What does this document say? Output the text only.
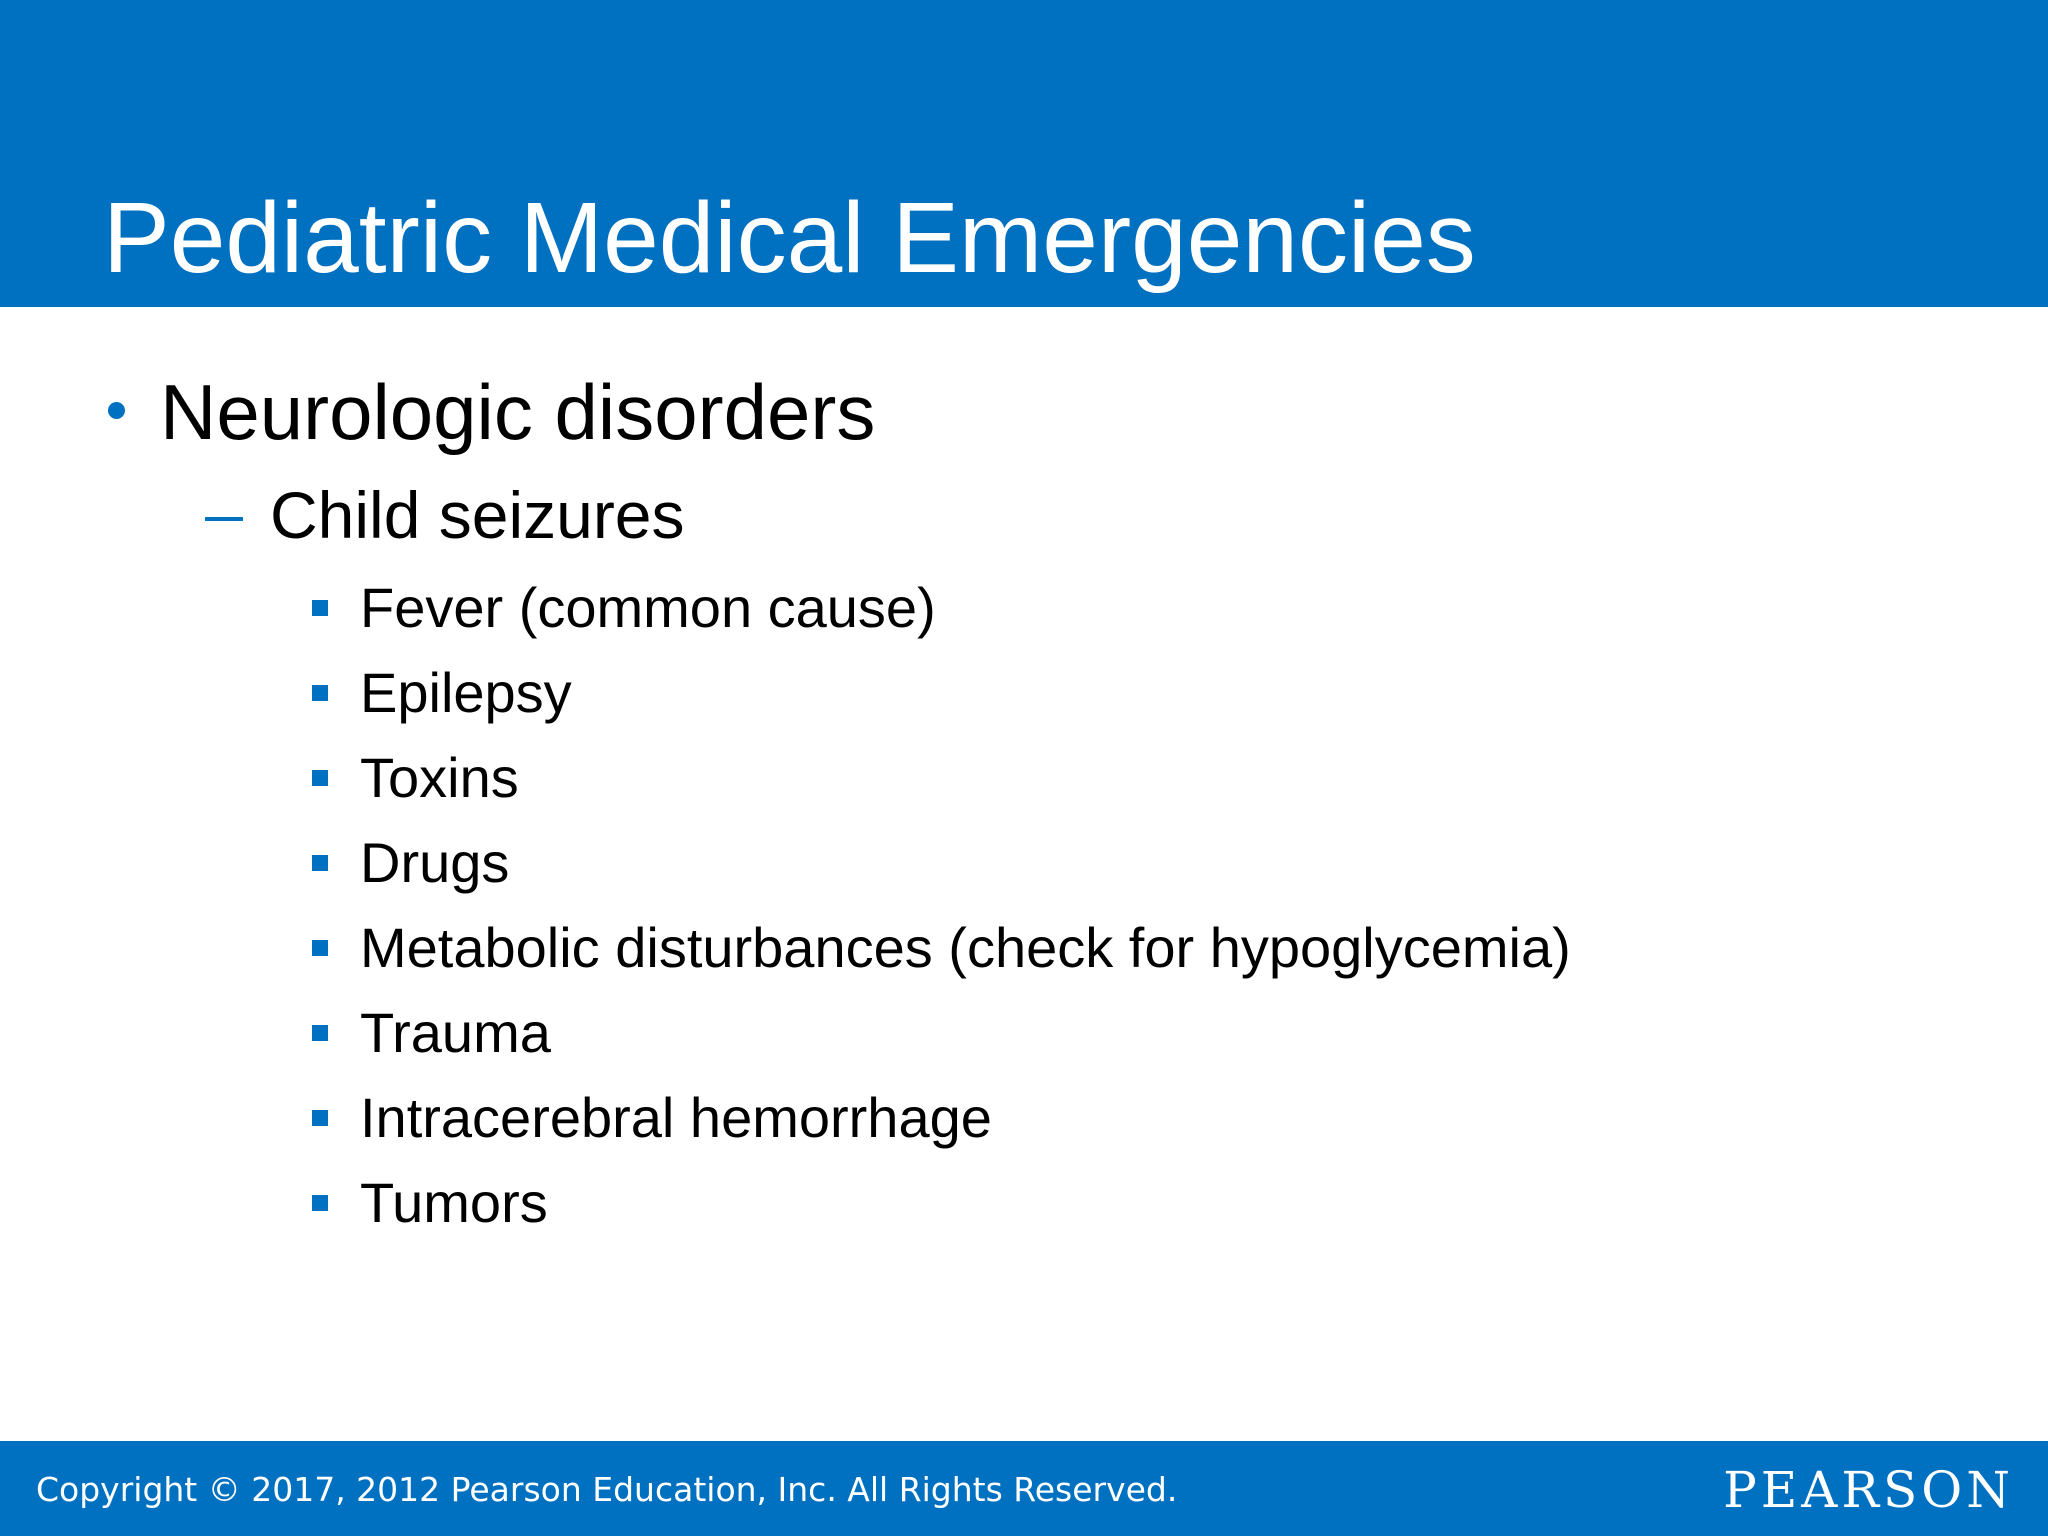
Pediatric Medical Emergencies
Neurologic disorders
Child seizures
Fever (common cause)
Epilepsy
Toxins
Drugs
Metabolic disturbances (check for hypoglycemia)
Trauma
Intracerebral hemorrhage
Tumors
Copyright © 2017, 2012 Pearson Education, Inc. All Rights Reserved.	PEARSON
